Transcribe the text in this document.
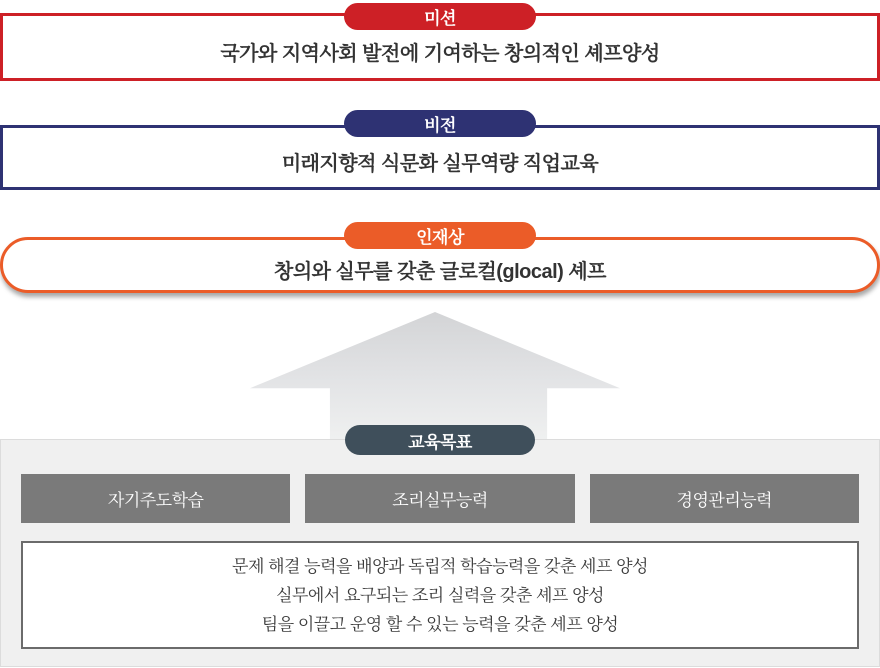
국가와 지역사회 발전에 기여하는 창의적인 셰프양성
미션
미래지향적 식문화 실무역량 직업교육
비전
창의와 실무를 갖춘 글로컬(glocal) 셰프
인재상
자기주도학습	조리실무능력	경영관리능력

문제 해결 능력을 배양과 독립적 학습능력을 갖춘 세프 양성

실무에서 요구되는 조리 실력을 갖춘 셰프 양성

팀을 이끌고 운영 할 수 있는 능력을 갖춘 셰프 양성

교육목표
